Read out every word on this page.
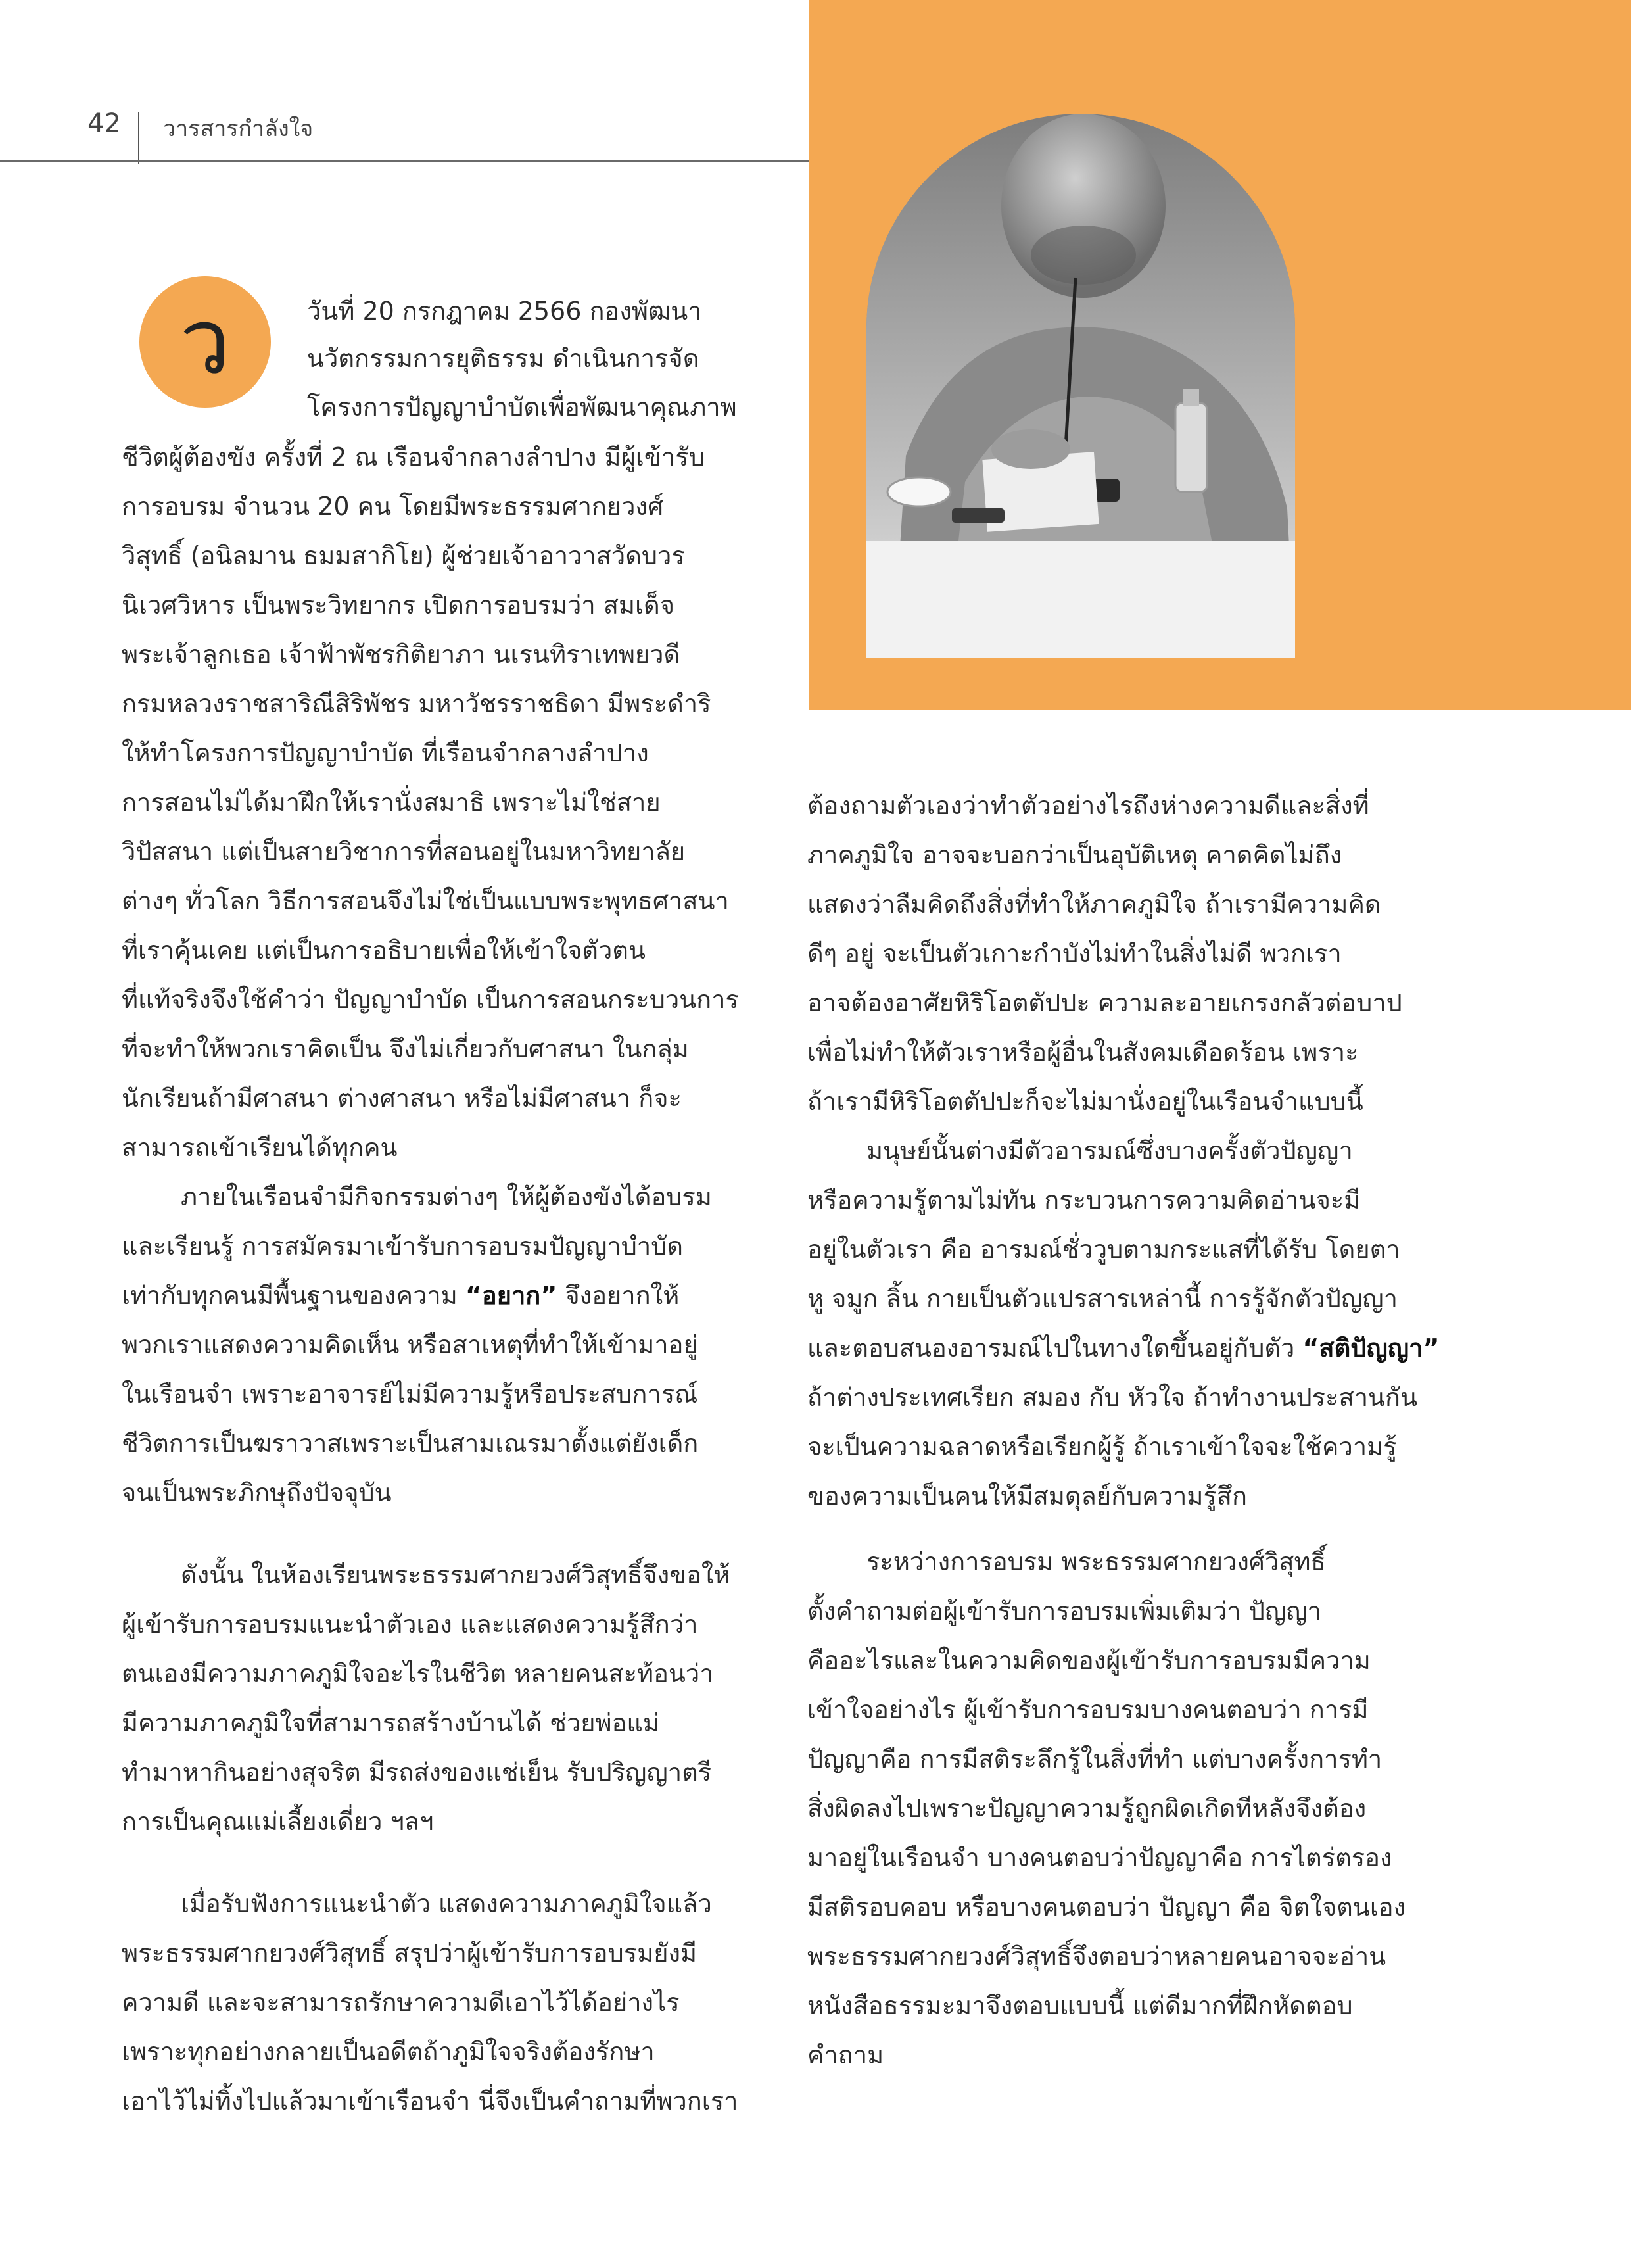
42 วารสารกำลังใจ
ว	วันที่ 20 กรกฎาคม 2566 กองพัฒนา

นวัตกรรมการยุติธรรม ดำเนินการจัด

โครงการปัญญาบำบัดเพื่อพัฒนาคุณภาพ

ชีวิตผู้ต้องขัง ครั้งที่ 2 ณ เรือนจำกลางลำปาง มีผู้เข้ารับ

การอบรม จำนวน 20 คน โดยมีพระธรรมศากยวงศ์

วิสุทธิ์ (อนิลมาน ธมมสากิโย) ผู้ช่วยเจ้าอาวาสวัดบวร

นิเวศวิหาร เป็นพระวิทยากร เปิดการอบรมว่า สมเด็จ

พระเจ้าลูกเธอ เจ้าฟ้าพัชรกิติยาภา นเรนทิราเทพยวดี

กรมหลวงราชสาริณีสิริพัชร มหาวัชรราชธิดา มีพระดำริ

ให้ทำโครงการปัญญาบำบัด ที่เรือนจำกลางลำปาง

การสอนไม่ได้มาฝึกให้เรานั่งสมาธิ เพราะไม่ใช่สาย

วิปัสสนา แต่เป็นสายวิชาการที่สอนอยู่ในมหาวิทยาลัย

ต่างๆ ทั่วโลก วิธีการสอนจึงไม่ใช่เป็นแบบพระพุทธศาสนา

ที่เราคุ้นเคย แต่เป็นการอธิบายเพื่อให้เข้าใจตัวตน

ที่แท้จริงจึงใช้คำว่า ปัญญาบำบัด เป็นการสอนกระบวนการ

ที่จะทำให้พวกเราคิดเป็น จึงไม่เกี่ยวกับศาสนา ในกลุ่ม

นักเรียนถ้ามีศาสนา ต่างศาสนา หรือไม่มีศาสนา ก็จะ

สามารถเข้าเรียนได้ทุกคน

ภายในเรือนจำมีกิจกรรมต่างๆ ให้ผู้ต้องขังได้อบรม

และเรียนรู้ การสมัครมาเข้ารับการอบรมปัญญาบำบัด

เท่ากับทุกคนมีพื้นฐานของความ “อยาก” จึงอยากให้

พวกเราแสดงความคิดเห็น หรือสาเหตุที่ทำให้เข้ามาอยู่

ในเรือนจำ เพราะอาจารย์ไม่มีความรู้หรือประสบการณ์

ชีวิตการเป็นฆราวาสเพราะเป็นสามเณรมาตั้งแต่ยังเด็ก

จนเป็นพระภิกษุถึงปัจจุบัน

ดังนั้น ในห้องเรียนพระธรรมศากยวงศ์วิสุทธิ์จึงขอให้

ผู้เข้ารับการอบรมแนะนำตัวเอง และแสดงความรู้สึกว่า

ตนเองมีความภาคภูมิใจอะไรในชีวิต หลายคนสะท้อนว่า

มีความภาคภูมิใจที่สามารถสร้างบ้านได้ ช่วยพ่อแม่

ทำมาหากินอย่างสุจริต มีรถส่งของแช่เย็น รับปริญญาตรี

การเป็นคุณแม่เลี้ยงเดี่ยว ฯลฯ

เมื่อรับฟังการแนะนำตัว แสดงความภาคภูมิใจแล้ว

พระธรรมศากยวงศ์วิสุทธิ์ สรุปว่าผู้เข้ารับการอบรมยังมี

ความดี และจะสามารถรักษาความดีเอาไว้ได้อย่างไร

เพราะทุกอย่างกลายเป็นอดีตถ้าภูมิใจจริงต้องรักษา

เอาไว้ไม่ทิ้งไปแล้วมาเข้าเรือนจำ นี่จึงเป็นคำถามที่พวกเรา

ต้องถามตัวเองว่าทำตัวอย่างไรถึงห่างความดีและสิ่งที่

ภาคภูมิใจ อาจจะบอกว่าเป็นอุบัติเหตุ คาดคิดไม่ถึง

แสดงว่าลืมคิดถึงสิ่งที่ทำให้ภาคภูมิใจ ถ้าเรามีความคิด

ดีๆ อยู่ จะเป็นตัวเกาะกำบังไม่ทำในสิ่งไม่ดี พวกเรา

อาจต้องอาศัยหิริโอตตัปปะ ความละอายเกรงกลัวต่อบาป

เพื่อไม่ทำให้ตัวเราหรือผู้อื่นในสังคมเดือดร้อน เพราะ

ถ้าเรามีหิริโอตตัปปะก็จะไม่มานั่งอยู่ในเรือนจำแบบนี้

มนุษย์นั้นต่างมีตัวอารมณ์ซึ่งบางครั้งตัวปัญญา

หรือความรู้ตามไม่ทัน กระบวนการความคิดอ่านจะมี

อยู่ในตัวเรา คือ อารมณ์ชั่ววูบตามกระแสที่ได้รับ โดยตา

หู จมูก ลิ้น กายเป็นตัวแปรสารเหล่านี้ การรู้จักตัวปัญญา

และตอบสนองอารมณ์ไปในทางใดขึ้นอยู่กับตัว “สติปัญญา”

ถ้าต่างประเทศเรียก สมอง กับ หัวใจ ถ้าทำงานประสานกัน

จะเป็นความฉลาดหรือเรียกผู้รู้ ถ้าเราเข้าใจจะใช้ความรู้

ของความเป็นคนให้มีสมดุลย์กับความรู้สึก

ระหว่างการอบรม พระธรรมศากยวงศ์วิสุทธิ์

ตั้งคำถามต่อผู้เข้ารับการอบรมเพิ่มเติมว่า ปัญญา

คืออะไรและในความคิดของผู้เข้ารับการอบรมมีความ

เข้าใจอย่างไร ผู้เข้ารับการอบรมบางคนตอบว่า การมี

ปัญญาคือ การมีสติระลึกรู้ในสิ่งที่ทำ แต่บางครั้งการทำ

สิ่งผิดลงไปเพราะปัญญาความรู้ถูกผิดเกิดทีหลังจึงต้อง

มาอยู่ในเรือนจำ บางคนตอบว่าปัญญาคือ การไตร่ตรอง

มีสติรอบคอบ หรือบางคนตอบว่า ปัญญา คือ จิตใจตนเอง

พระธรรมศากยวงศ์วิสุทธิ์จึงตอบว่าหลายคนอาจจะอ่าน

หนังสือธรรมะมาจึงตอบแบบนี้ แต่ดีมากที่ฝึกหัดตอบ

คำถาม
